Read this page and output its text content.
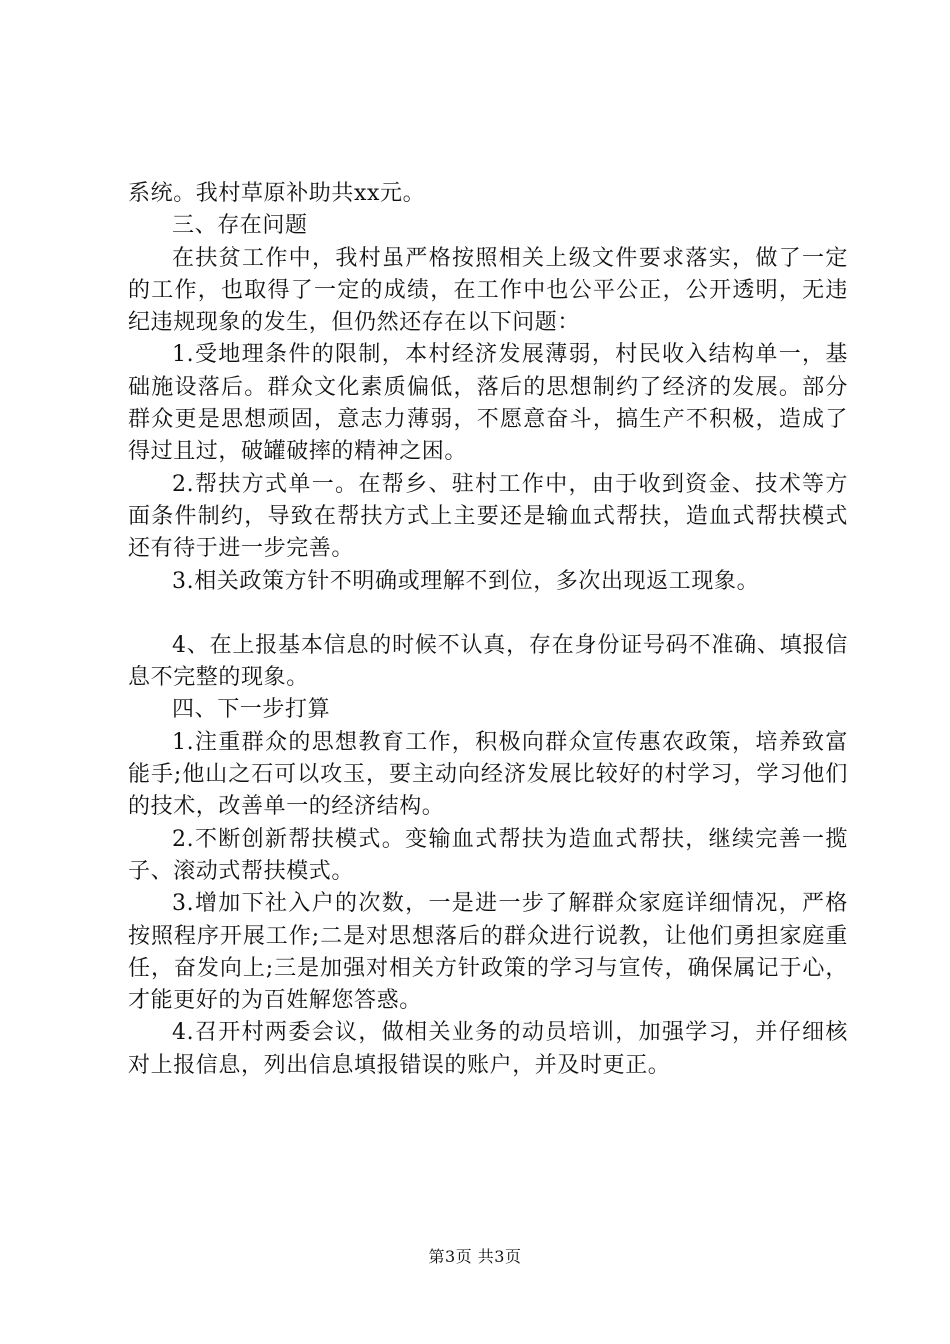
系统。我村草原补助共xx元。

三、存在问题

在扶贫工作中，我村虽严格按照相关上级文件要求落实，做了一定的工作，也取得了一定的成绩，在工作中也公平公正，公开透明，无违纪违规现象的发生，但仍然还存在以下问题：

1.受地理条件的限制，本村经济发展薄弱，村民收入结构单一，基础施设落后。群众文化素质偏低，落后的思想制约了经济的发展。部分群众更是思想顽固，意志力薄弱，不愿意奋斗，搞生产不积极，造成了得过且过，破罐破摔的精神之困。

2.帮扶方式单一。在帮乡、驻村工作中，由于收到资金、技术等方面条件制约，导致在帮扶方式上主要还是输血式帮扶，造血式帮扶模式还有待于进一步完善。

3.相关政策方针不明确或理解不到位，多次出现返工现象。

4、在上报基本信息的时候不认真，存在身份证号码不准确、填报信息不完整的现象。

四、下一步打算

1.注重群众的思想教育工作，积极向群众宣传惠农政策，培养致富能手;他山之石可以攻玉，要主动向经济发展比较好的村学习，学习他们的技术，改善单一的经济结构。

2.不断创新帮扶模式。变输血式帮扶为造血式帮扶，继续完善一揽子、滚动式帮扶模式。

3.增加下社入户的次数，一是进一步了解群众家庭详细情况，严格按照程序开展工作;二是对思想落后的群众进行说教，让他们勇担家庭重任，奋发向上;三是加强对相关方针政策的学习与宣传，确保属记于心，才能更好的为百姓解您答惑。

4.召开村两委会议，做相关业务的动员培训，加强学习，并仔细核对上报信息，列出信息填报错误的账户，并及时更正。

第3页 共3页
